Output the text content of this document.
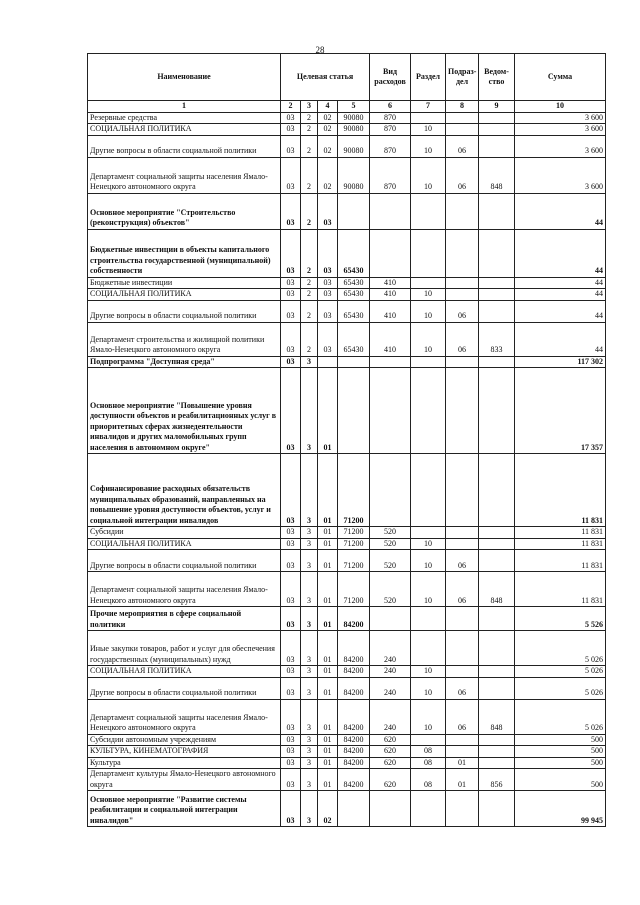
28
Наименование	Целевая статья				Вид расходов	Раздел	Подраз-дел	Ведом-ство	Сумма
1	2	3	4	5	6	7	8	9	10
Резервные средства	03	2	02	90080	870				3 600
СОЦИАЛЬНАЯ ПОЛИТИКА	03	2	02	90080	870	10			3 600
Другие вопросы в области социальной политики	03	2	02	90080	870	10	06		3 600
Департамент социальной защиты населения Ямало-Ненецкого автономного округа	03	2	02	90080	870	10	06	848	3 600
Основное мероприятие "Строительство (реконструкция) объектов"	03	2	03						44
Бюджетные инвестиции в объекты капитального строительства государственной (муниципальной) собственности	03	2	03	65430					44
Бюджетные инвестиции	03	2	03	65430	410				44
СОЦИАЛЬНАЯ ПОЛИТИКА	03	2	03	65430	410	10			44
Другие вопросы в области социальной политики	03	2	03	65430	410	10	06		44
Департамент строительства и жилищной политики Ямало-Ненецкого автономного округа	03	2	03	65430	410	10	06	833	44
Подпрограмма "Доступная среда"	03	3							117 302
Основное мероприятие "Повышение уровня доступности объектов и реабилитационных услуг в приоритетных сферах жизнедеятельности инвалидов и других маломобильных групп населения в автономном округе"	03	3	01						17 357
Софинансирование расходных обязательств муниципальных образований, направленных на повышение уровня доступности объектов, услуг и социальной интеграции инвалидов	03	3	01	71200					11 831
Субсидии	03	3	01	71200	520				11 831
СОЦИАЛЬНАЯ ПОЛИТИКА	03	3	01	71200	520	10			11 831
Другие вопросы в области социальной политики	03	3	01	71200	520	10	06		11 831
Департамент социальной защиты населения Ямало-Ненецкого автономного округа	03	3	01	71200	520	10	06	848	11 831
Прочие мероприятия в сфере социальной политики	03	3	01	84200					5 526
Иные закупки товаров, работ и услуг для обеспечения государственных (муниципальных) нужд	03	3	01	84200	240				5 026
СОЦИАЛЬНАЯ ПОЛИТИКА	03	3	01	84200	240	10			5 026
Другие вопросы в области социальной политики	03	3	01	84200	240	10	06		5 026
Департамент социальной защиты населения Ямало-Ненецкого автономного округа	03	3	01	84200	240	10	06	848	5 026
Субсидии автономным учреждениям	03	3	01	84200	620				500
КУЛЬТУРА, КИНЕМАТОГРАФИЯ	03	3	01	84200	620	08			500
Культура	03	3	01	84200	620	08	01		500
Департамент культуры Ямало-Ненецкого автономного округа	03	3	01	84200	620	08	01	856	500
Основное мероприятие "Развитие системы реабилитации и социальной интеграции инвалидов"	03	3	02						99 945
